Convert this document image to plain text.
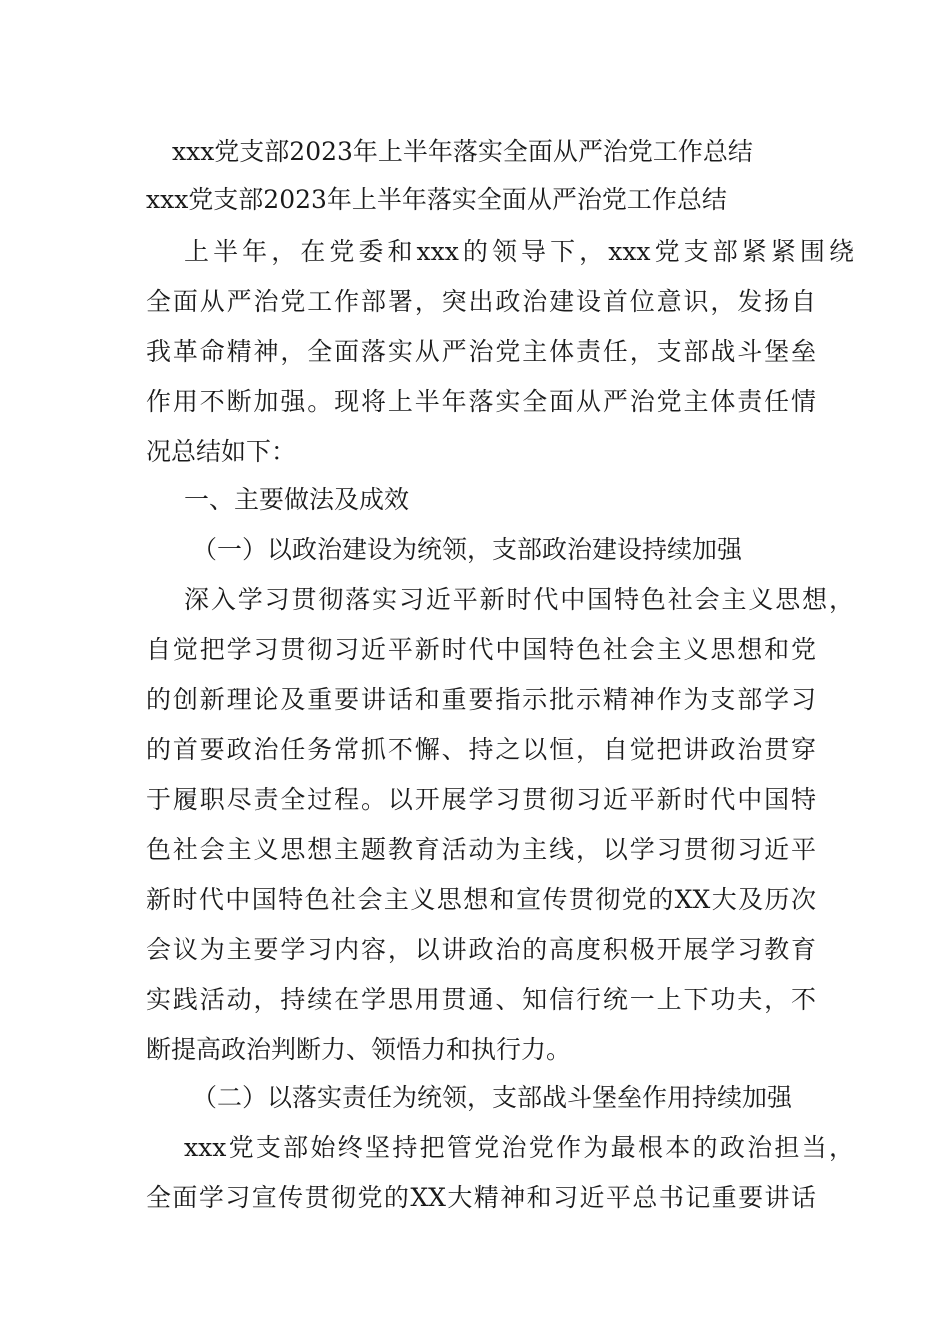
xxx党支部2023年上半年落实全面从严治党工作总结
xxx党支部2023年上半年落实全面从严治党工作总结
上半年，在党委和xxx的领导下，xxx党支部紧紧围绕
全面从严治党工作部署，突出政治建设首位意识，发扬自
我革命精神，全面落实从严治党主体责任，支部战斗堡垒
作用不断加强。现将上半年落实全面从严治党主体责任情
况总结如下：
一、主要做法及成效
（一）以政治建设为统领，支部政治建设持续加强
深入学习贯彻落实习近平新时代中国特色社会主义思想，
自觉把学习贯彻习近平新时代中国特色社会主义思想和党
的创新理论及重要讲话和重要指示批示精神作为支部学习
的首要政治任务常抓不懈、持之以恒，自觉把讲政治贯穿
于履职尽责全过程。以开展学习贯彻习近平新时代中国特
色社会主义思想主题教育活动为主线，以学习贯彻习近平
新时代中国特色社会主义思想和宣传贯彻党的XX大及历次
会议为主要学习内容，以讲政治的高度积极开展学习教育
实践活动，持续在学思用贯通、知信行统一上下功夫，不
断提高政治判断力、领悟力和执行力。
（二）以落实责任为统领，支部战斗堡垒作用持续加强
xxx党支部始终坚持把管党治党作为最根本的政治担当，
全面学习宣传贯彻党的XX大精神和习近平总书记重要讲话
